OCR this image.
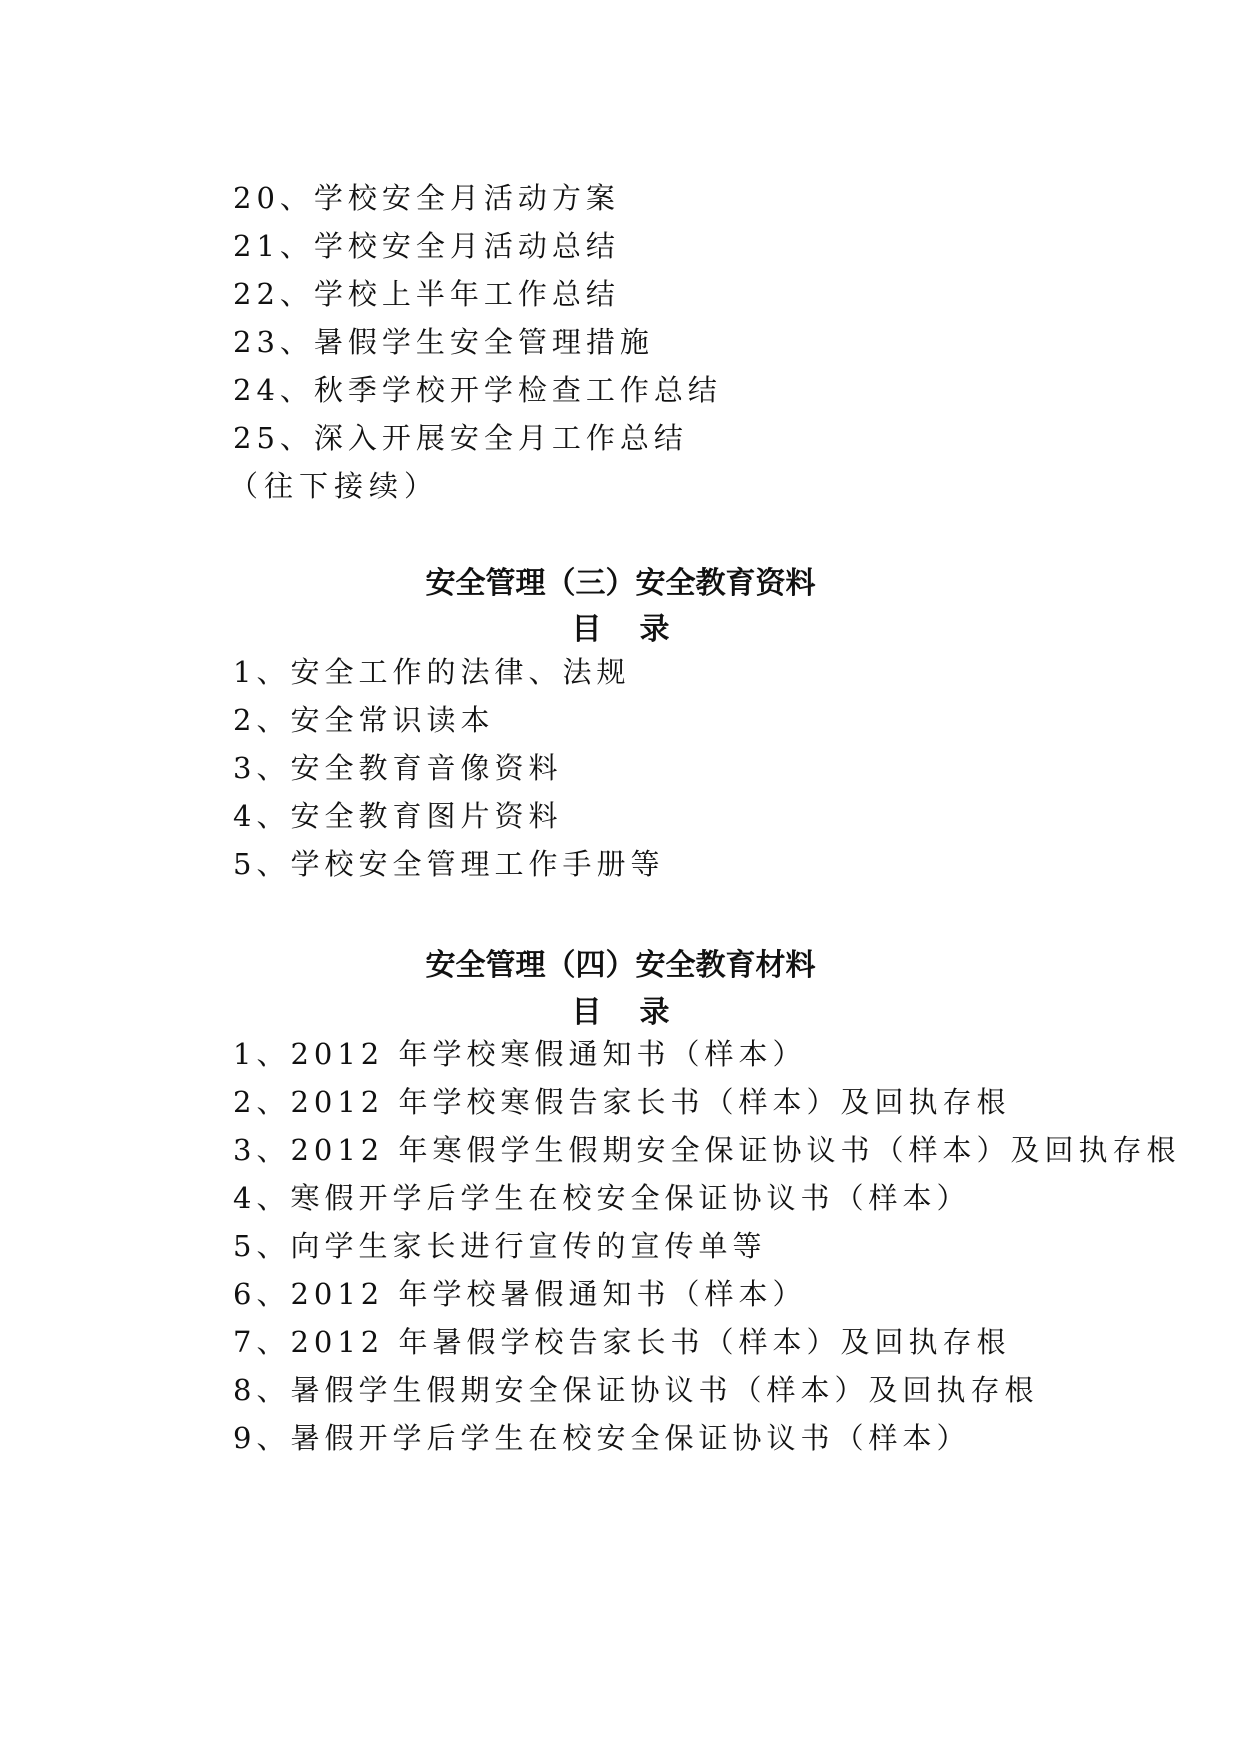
20、学校安全月活动方案
21、学校安全月活动总结
22、学校上半年工作总结
23、暑假学生安全管理措施
24、秋季学校开学检查工作总结
25、深入开展安全月工作总结
（往下接续）
安全管理（三）安全教育资料
目录
1、安全工作的法律、法规
2、安全常识读本
3、安全教育音像资料
4、安全教育图片资料
5、学校安全管理工作手册等
安全管理（四）安全教育材料
目录
1、2012 年学校寒假通知书（样本）
2、2012 年学校寒假告家长书（样本）及回执存根
3、2012 年寒假学生假期安全保证协议书（样本）及回执存根
4、寒假开学后学生在校安全保证协议书（样本）
5、向学生家长进行宣传的宣传单等
6、2012 年学校暑假通知书（样本）
7、2012 年暑假学校告家长书（样本）及回执存根
8、暑假学生假期安全保证协议书（样本）及回执存根
9、暑假开学后学生在校安全保证协议书（样本）
